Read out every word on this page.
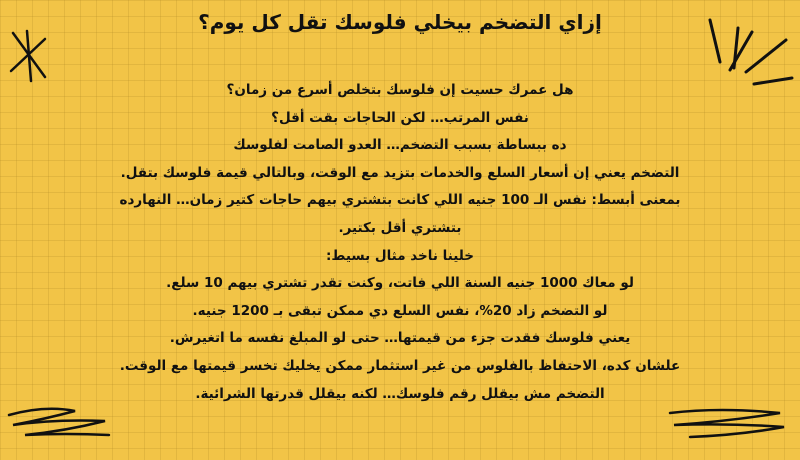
إزاي التضخم بيخلي فلوسك تقل كل يوم؟
هل عمرك حسيت إن فلوسك بتخلص أسرع من زمان؟
نفس المرتب… لكن الحاجات بقت أقل؟
ده ببساطة بسبب التضخم… العدو الصامت لفلوسك
التضخم يعني إن أسعار السلع والخدمات بتزيد مع الوقت، وبالتالي قيمة فلوسك بتقل.
بمعنى أبسط: نفس الـ 100 جنيه اللي كانت بتشتري بيهم حاجات كتير زمان… النهارده
بتشتري أقل بكتير.
خلينا ناخد مثال بسيط:
لو معاك 1000 جنيه السنة اللي فاتت، وكنت تقدر تشتري بيهم 10 سلع.
لو التضخم زاد 20%، نفس السلع دي ممكن تبقى بـ 1200 جنيه.
يعني فلوسك فقدت جزء من قيمتها… حتى لو المبلغ نفسه ما اتغيرش.
علشان كده، الاحتفاظ بالفلوس من غير استثمار ممكن يخليك تخسر قيمتها مع الوقت.
التضخم مش بيقلل رقم فلوسك… لكنه بيقلل قدرتها الشرائية.
